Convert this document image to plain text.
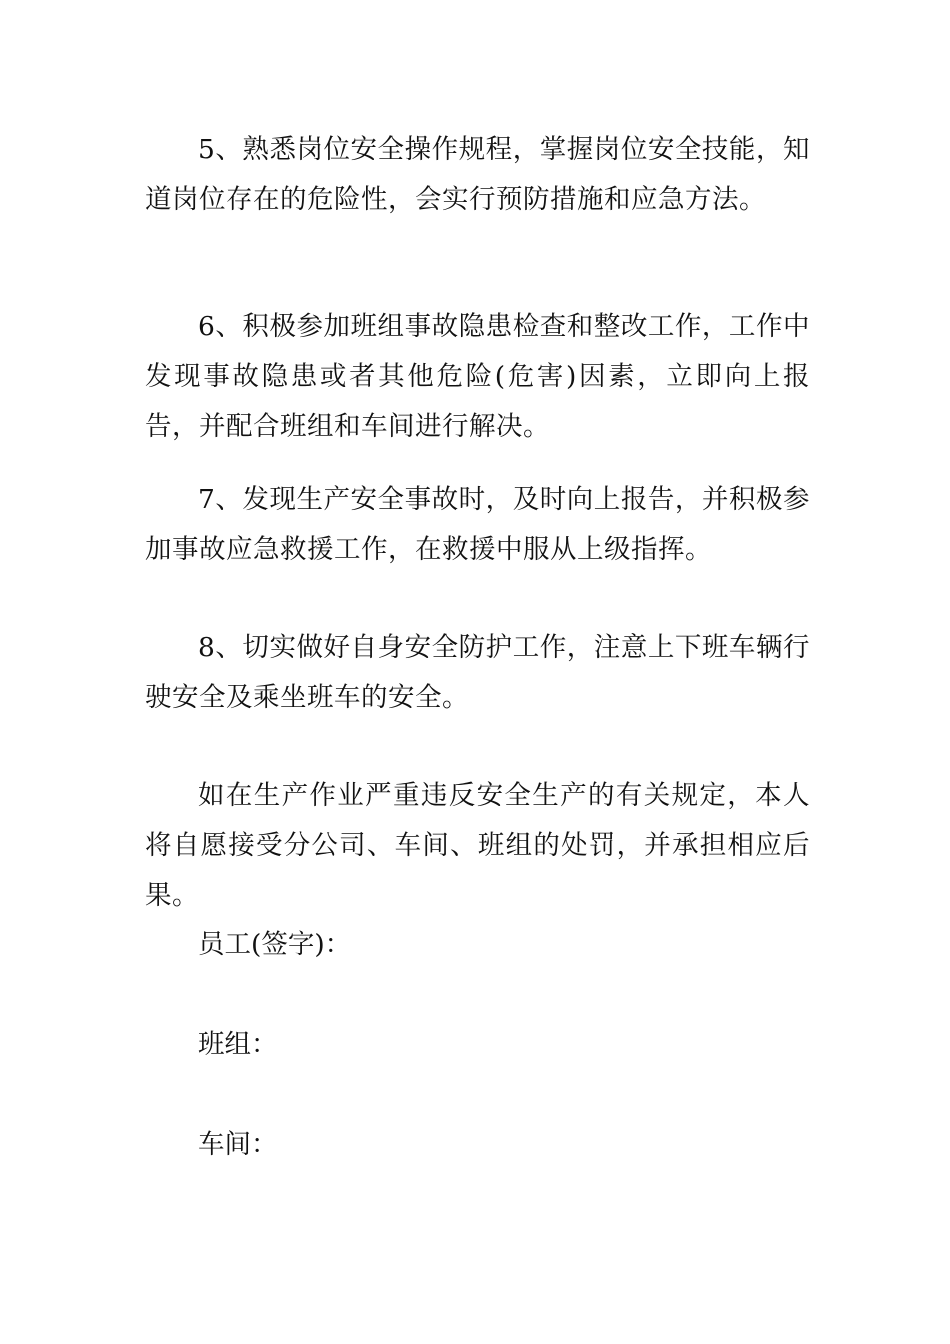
5、熟悉岗位安全操作规程，掌握岗位安全技能，知道岗位存在的危险性，会实行预防措施和应急方法。

6、积极参加班组事故隐患检查和整改工作，工作中发现事故隐患或者其他危险(危害)因素，立即向上报告，并配合班组和车间进行解决。

7、发现生产安全事故时，及时向上报告，并积极参加事故应急救援工作，在救援中服从上级指挥。

8、切实做好自身安全防护工作，注意上下班车辆行驶安全及乘坐班车的安全。

如在生产作业严重违反安全生产的有关规定，本人将自愿接受分公司、车间、班组的处罚，并承担相应后果。

员工(签字)：

班组：

车间：
